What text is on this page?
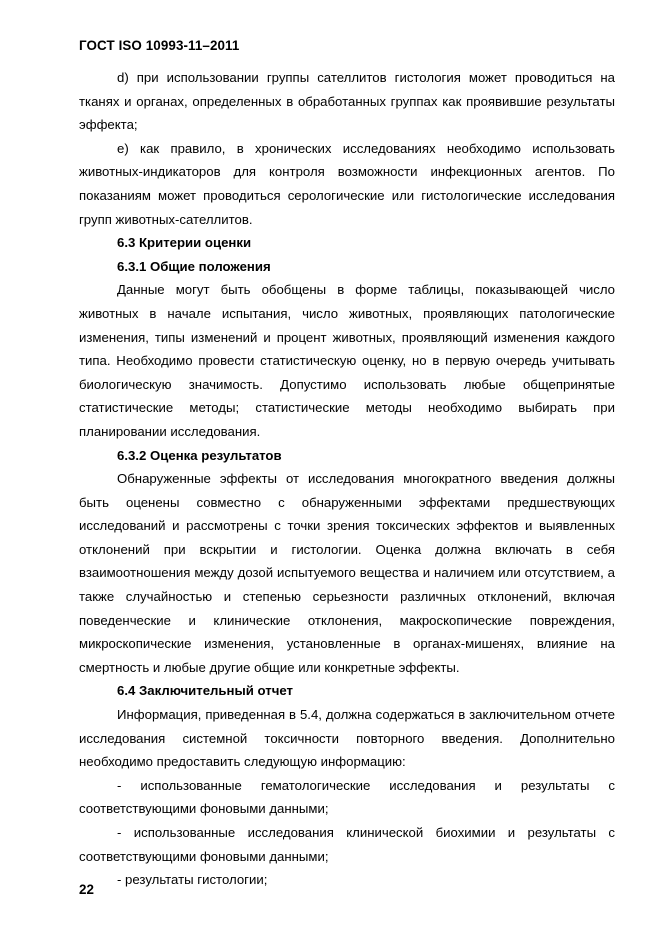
ГОСТ ISO 10993-11–2011

d) при использовании группы сателлитов гистология может проводиться на тканях и органах, определенных в обработанных группах как проявившие результаты эффекта;

e) как правило, в хронических исследованиях необходимо использовать животных-индикаторов для контроля возможности инфекционных агентов. По показаниям может проводиться серологические или гистологические исследования групп животных-сателлитов.

6.3 Критерии оценки

6.3.1 Общие положения

Данные могут быть обобщены в форме таблицы, показывающей число животных в начале испытания, число животных, проявляющих патологические изменения, типы изменений и процент животных, проявляющий изменения каждого типа. Необходимо провести статистическую оценку, но в первую очередь учитывать биологическую значимость. Допустимо использовать любые общепринятые статистические методы; статистические методы необходимо выбирать при планировании исследования.

6.3.2 Оценка результатов

Обнаруженные эффекты от исследования многократного введения должны быть оценены совместно с обнаруженными эффектами предшествующих исследований и рассмотрены с точки зрения токсических эффектов и выявленных отклонений при вскрытии и гистологии. Оценка должна включать в себя взаимоотношения между дозой испытуемого вещества и наличием или отсутствием, а также случайностью и степенью серьезности различных отклонений, включая поведенческие и клинические отклонения, макроскопические повреждения, микроскопические изменения, установленные в органах-мишенях, влияние на смертность и любые другие общие или конкретные эффекты.

6.4 Заключительный отчет

Информация, приведенная в 5.4, должна содержаться в заключительном отчете исследования системной токсичности повторного введения. Дополнительно необходимо предоставить следующую информацию:

- использованные гематологические исследования и результаты с соответствующими фоновыми данными;

- использованные исследования клинической биохимии и результаты с соответствующими фоновыми данными;

- результаты гистологии;

22
